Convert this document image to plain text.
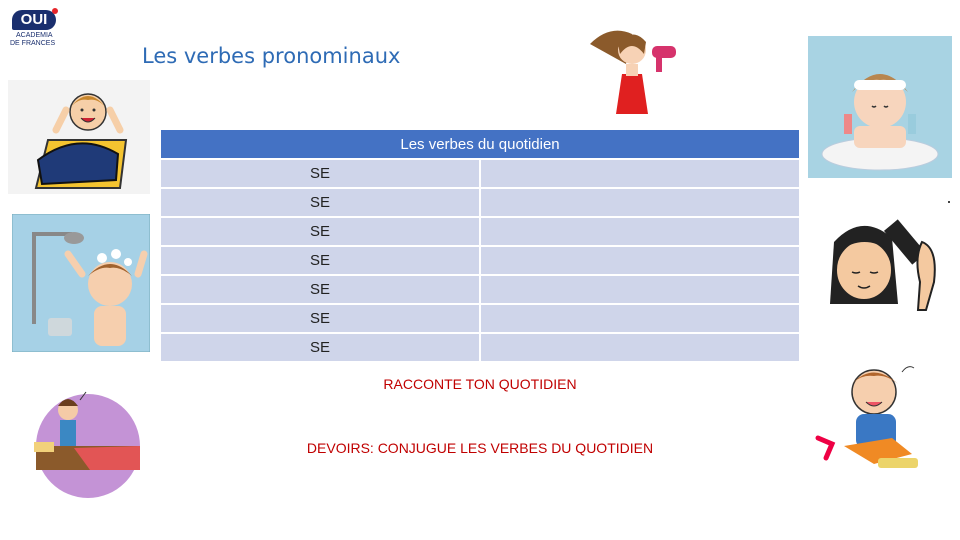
OUI
ACADEMIA
DE FRANCES
Les verbes pronominaux
Les verbes du quotidien	
SE	
SE	
SE	
SE	
SE	
SE	
SE	
RACCONTE TON QUOTIDIEN
DEVOIRS: CONJUGUE LES VERBES DU QUOTIDIEN
